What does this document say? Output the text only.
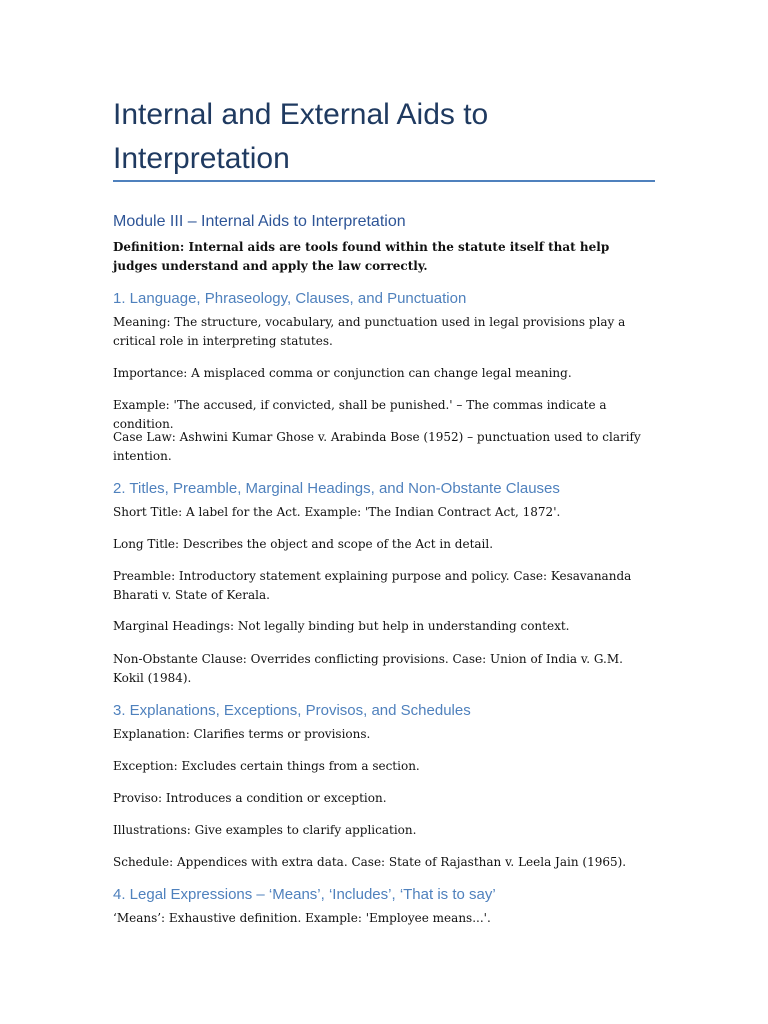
Internal and External Aids to Interpretation
Module III – Internal Aids to Interpretation

Definition: Internal aids are tools found within the statute itself that help judges understand and apply the law correctly.

1. Language, Phraseology, Clauses, and Punctuation

Meaning: The structure, vocabulary, and punctuation used in legal provisions play a critical role in interpreting statutes.

Importance: A misplaced comma or conjunction can change legal meaning.

Example: 'The accused, if convicted, shall be punished.' – The commas indicate a condition.

Case Law: Ashwini Kumar Ghose v. Arabinda Bose (1952) – punctuation used to clarify intention.

2. Titles, Preamble, Marginal Headings, and Non-Obstante Clauses

Short Title: A label for the Act. Example: 'The Indian Contract Act, 1872'.

Long Title: Describes the object and scope of the Act in detail.

Preamble: Introductory statement explaining purpose and policy. Case: Kesavananda Bharati v. State of Kerala.

Marginal Headings: Not legally binding but help in understanding context.

Non-Obstante Clause: Overrides conflicting provisions. Case: Union of India v. G.M. Kokil (1984).

3. Explanations, Exceptions, Provisos, and Schedules

Explanation: Clarifies terms or provisions.

Exception: Excludes certain things from a section.

Proviso: Introduces a condition or exception.

Illustrations: Give examples to clarify application.

Schedule: Appendices with extra data. Case: State of Rajasthan v. Leela Jain (1965).

4. Legal Expressions – ‘Means’, ‘Includes’, ‘That is to say’

‘Means’: Exhaustive definition. Example: 'Employee means...'.
